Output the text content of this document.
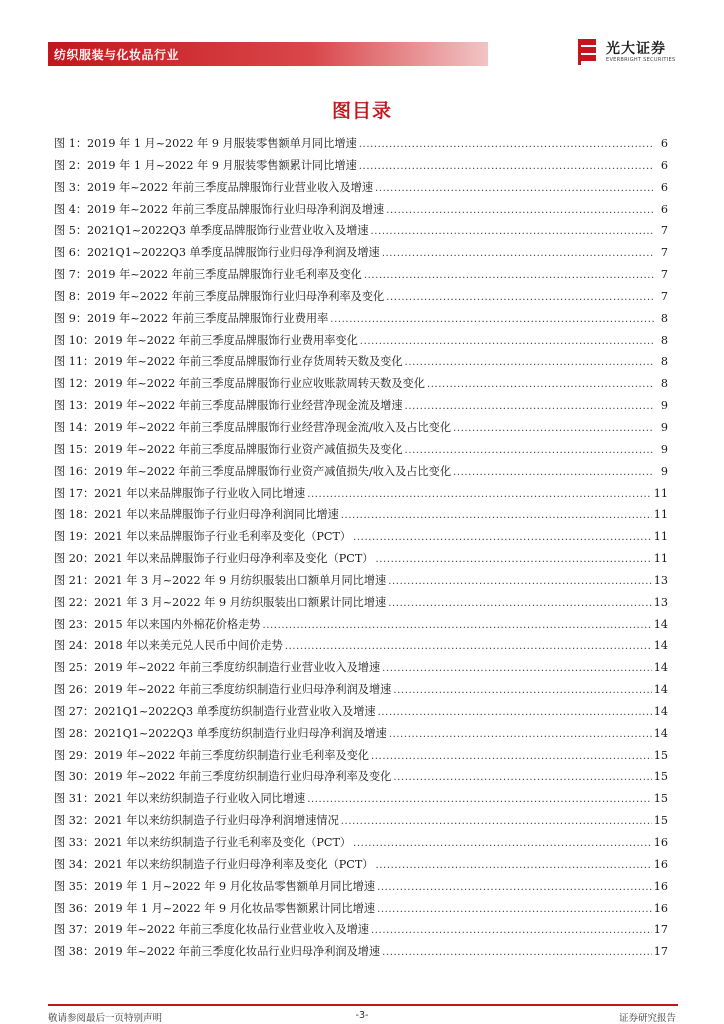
纺织服装与化妆品行业	光大证券
EVERBRIGHT SECURITIES
图目录
图 1：2019 年 1 月~2022 年 9 月服装零售额单月同比增速 .....	6
图 2：2019 年 1 月~2022 年 9 月服装零售额累计同比增速 .....	6
图 3：2019 年~2022 年前三季度品牌服饰行业营业收入及增速 .....	6
图 4：2019 年~2022 年前三季度品牌服饰行业归母净利润及增速 .....	6
图 5：2021Q1~2022Q3 单季度品牌服饰行业营业收入及增速 .....	7
图 6：2021Q1~2022Q3 单季度品牌服饰行业归母净利润及增速 .....	7
图 7：2019 年~2022 年前三季度品牌服饰行业毛利率及变化 .....	7
图 8：2019 年~2022 年前三季度品牌服饰行业归母净利率及变化 .....	7
图 9：2019 年~2022 年前三季度品牌服饰行业费用率 .....	8
图 10：2019 年~2022 年前三季度品牌服饰行业费用率变化 .....	8
图 11：2019 年~2022 年前三季度品牌服饰行业存货周转天数及变化 .....	8
图 12：2019 年~2022 年前三季度品牌服饰行业应收账款周转天数及变化 .....	8
图 13：2019 年~2022 年前三季度品牌服饰行业经营净现金流及增速 .....	9
图 14：2019 年~2022 年前三季度品牌服饰行业经营净现金流/收入及占比变化 .....	9
图 15：2019 年~2022 年前三季度品牌服饰行业资产减值损失及变化 .....	9
图 16：2019 年~2022 年前三季度品牌服饰行业资产减值损失/收入及占比变化 .....	9
图 17：2021 年以来品牌服饰子行业收入同比增速 .....	11
图 18：2021 年以来品牌服饰子行业归母净利润同比增速 .....	11
图 19：2021 年以来品牌服饰子行业毛利率及变化（PCT） .....	11
图 20：2021 年以来品牌服饰子行业归母净利率及变化（PCT） .....	11
图 21：2021 年 3 月~2022 年 9 月纺织服装出口额单月同比增速 .....	13
图 22：2021 年 3 月~2022 年 9 月纺织服装出口额累计同比增速 .....	13
图 23：2015 年以来国内外棉花价格走势 .....	14
图 24：2018 年以来美元兑人民币中间价走势 .....	14
图 25：2019 年~2022 年前三季度纺织制造行业营业收入及增速 .....	14
图 26：2019 年~2022 年前三季度纺织制造行业归母净利润及增速 .....	14
图 27：2021Q1~2022Q3 单季度纺织制造行业营业收入及增速 .....	14
图 28：2021Q1~2022Q3 单季度纺织制造行业归母净利润及增速 .....	14
图 29：2019 年~2022 年前三季度纺织制造行业毛利率及变化 .....	15
图 30：2019 年~2022 年前三季度纺织制造行业归母净利率及变化 .....	15
图 31：2021 年以来纺织制造子行业收入同比增速 .....	15
图 32：2021 年以来纺织制造子行业归母净利润增速情况 .....	15
图 33：2021 年以来纺织制造子行业毛利率及变化（PCT） .....	16
图 34：2021 年以来纺织制造子行业归母净利率及变化（PCT） .....	16
图 35：2019 年 1 月~2022 年 9 月化妆品零售额单月同比增速 .....	16
图 36：2019 年 1 月~2022 年 9 月化妆品零售额累计同比增速 .....	16
图 37：2019 年~2022 年前三季度化妆品行业营业收入及增速 .....	17
图 38：2019 年~2022 年前三季度化妆品行业归母净利润及增速 .....	17
敬请参阅最后一页特别声明	-3-	证券研究报告
